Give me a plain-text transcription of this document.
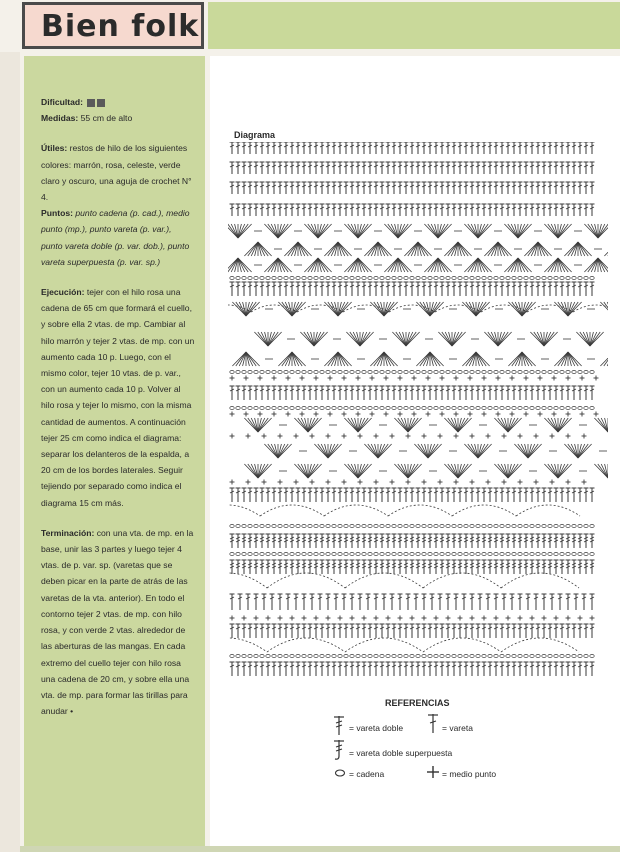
Bien folk

Dificultad:
Medidas: 55 cm de alto

Útiles: restos de hilo de los siguientes colores: marrón, rosa, celeste, verde claro y oscuro, una aguja de crochet N° 4.
Puntos: punto cadena (p. cad.), medio punto (mp.), punto vareta (p. var.), punto vareta doble (p. var. dob.), punto vareta superpuesta (p. var. sp.)

Ejecución: tejer con el hilo rosa una cadena de 65 cm que formará el cuello, y sobre ella 2 vtas. de mp. Cambiar al hilo marrón y tejer 2 vtas. de mp. con un aumento cada 10 p. Luego, con el mismo color, tejer 10 vtas. de p. var., con un aumento cada 10 p. Volver al hilo rosa y tejer lo mismo, con la misma cantidad de aumentos. A continuación tejer 25 cm como indica el diagrama: separar los delanteros de la espalda, a 20 cm de los bordes laterales. Seguir tejiendo por separado como indica el diagrama 15 cm más.

Terminación: con una vta. de mp. en la base, unir las 3 partes y luego tejer 4 vtas. de p. var. sp. (varetas que se deben picar en la parte de atrás de las varetas de la vta. anterior). En todo el contorno tejer 2 vtas. de mp. con hilo rosa, y con verde 2 vtas. alrededor de las aberturas de las mangas. En cada extremo del cuello tejer con hilo rosa una cadena de 20 cm, y sobre ella una vta. de mp. para formar las tirillas para anudar •

Diagrama
REFERENCIAS
= vareta doble	= vareta
= vareta doble superpuesta
= cadena	= medio punto
